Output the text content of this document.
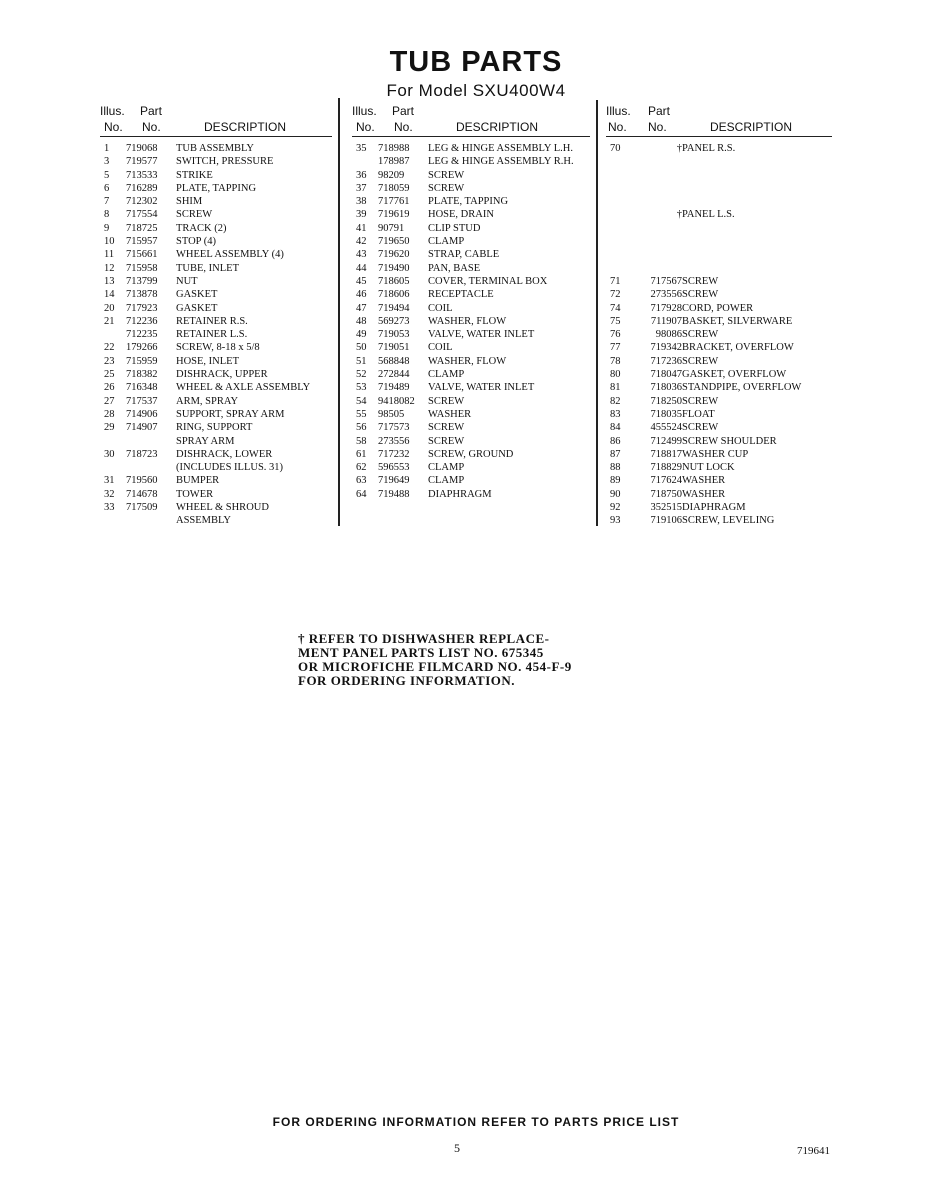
TUB PARTS
For Model SXU400W4
Illus. Part
No. No.	DESCRIPTION
1 719068 TUB ASSEMBLY
3 719577 SWITCH, PRESSURE
5 713533 STRIKE
6 716289 PLATE, TAPPING
7 712302 SHIM
8 717554 SCREW
9 718725 TRACK (2)
10 715957 STOP (4)
11 715661 WHEEL ASSEMBLY (4)
12 715958 TUBE, INLET
13 713799 NUT
14 713878 GASKET
20 717923 GASKET
21 712236 RETAINER R.S.
712235 RETAINER L.S.
22 179266 SCREW, 8-18 x 5/8
23 715959 HOSE, INLET
25 718382 DISHRACK, UPPER
26 716348 WHEEL & AXLE ASSEMBLY
27 717537 ARM, SPRAY
28 714906 SUPPORT, SPRAY ARM
29 714907 RING, SUPPORT
SPRAY ARM
30 718723 DISHRACK, LOWER
(INCLUDES ILLUS. 31)
31 719560 BUMPER
32 714678 TOWER
33 717509 WHEEL & SHROUD
ASSEMBLY
Illus. Part
No. No.	DESCRIPTION
35 718988 LEG & HINGE ASSEMBLY L.H.
178987 LEG & HINGE ASSEMBLY R.H.
36 98209 SCREW
37 718059 SCREW
38 717761 PLATE, TAPPING
39 719619 HOSE, DRAIN
41 90791 CLIP STUD
42 719650 CLAMP
43 719620 STRAP, CABLE
44 719490 PAN, BASE
45 718605 COVER, TERMINAL BOX
46 718606 RECEPTACLE
47 719494 COIL
48 569273 WASHER, FLOW
49 719053 VALVE, WATER INLET
50 719051 COIL
51 568848 WASHER, FLOW
52 272844 CLAMP
53 719489 VALVE, WATER INLET
54 9418082 SCREW
55 98505 WASHER
56 717573 SCREW
58 273556 SCREW
61 717232 SCREW, GROUND
62 596553 CLAMP
63 719649 CLAMP
64 719488 DIAPHRAGM
Illus. Part
No. No.	DESCRIPTION
70	† PANEL R.S.
† PANEL L.S.
71	717567 SCREW
72	273556 SCREW
74	717928 CORD, POWER
75	711907 BASKET, SILVERWARE
76	98086 SCREW
77	719342 BRACKET, OVERFLOW
78	717236 SCREW
80	718047 GASKET, OVERFLOW
81	718036 STANDPIPE, OVERFLOW
82	718250 SCREW
83	718035 FLOAT
84	455524 SCREW
86	712499 SCREW SHOULDER
87	718817 WASHER CUP
88	718829 NUT LOCK
89	717624 WASHER
90	718750 WASHER
92	352515 DIAPHRAGM
93	719106 SCREW, LEVELING
† REFER TO DISHWASHER REPLACE-
MENT PANEL PARTS LIST NO. 675345
OR MICROFICHE FILMCARD NO. 454-F-9
FOR ORDERING INFORMATION.
FOR ORDERING INFORMATION REFER TO PARTS PRICE LIST
5	719641
